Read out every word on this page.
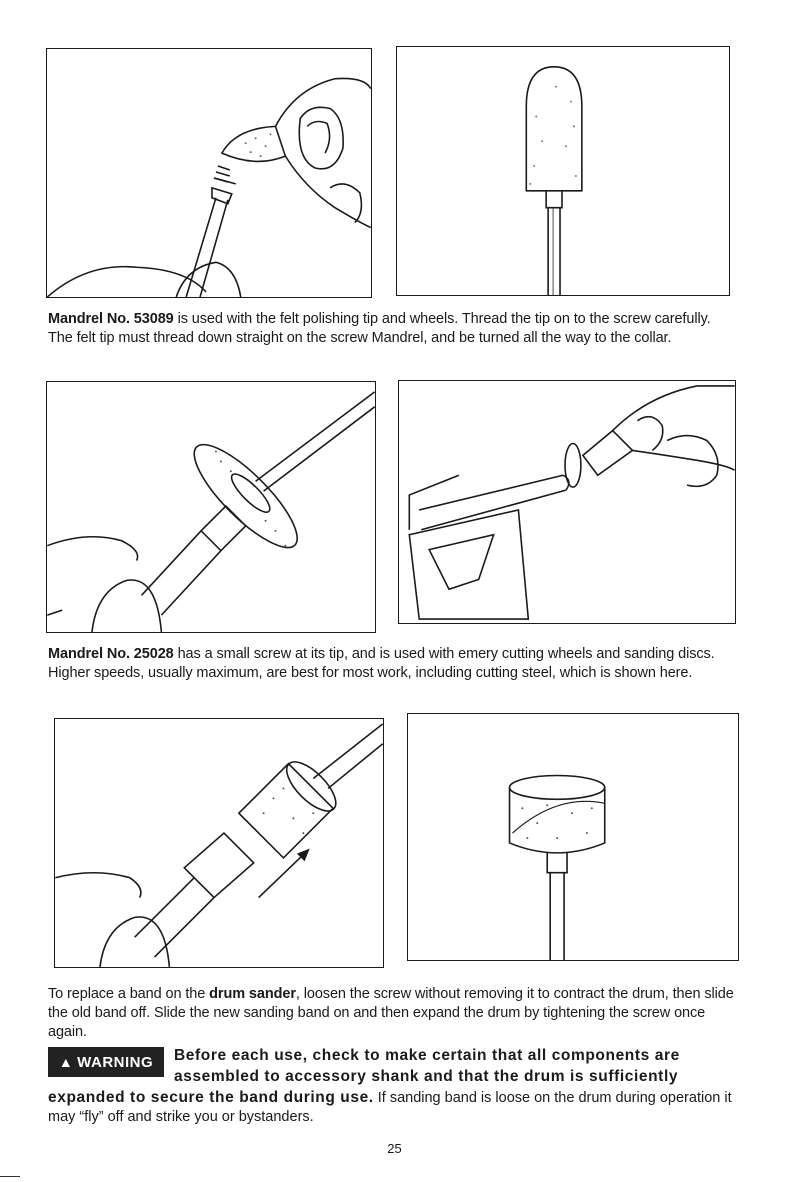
Mandrel No. 53089 is used with the felt polishing tip and wheels. Thread the tip on to the screw carefully. The felt tip must thread down straight on the screw Mandrel, and be turned all the way to the collar.
Mandrel No. 25028 has a small screw at its tip, and is used with emery cutting wheels and sanding discs. Higher speeds, usually maximum, are best for most work, including cutting steel, which is shown here.
To replace a band on the drum sander, loosen the screw without removing it to contract the drum, then slide the old band off. Slide the new sanding band on and then expand the drum by tightening the screw once again.
▲ WARNING	Before each use, check to make certain that all components are assembled to accessory shank and that the drum is sufficiently expanded to secure the band during use. If sanding band is loose on the drum during operation it may “fly” off and strike you or bystanders.
25
